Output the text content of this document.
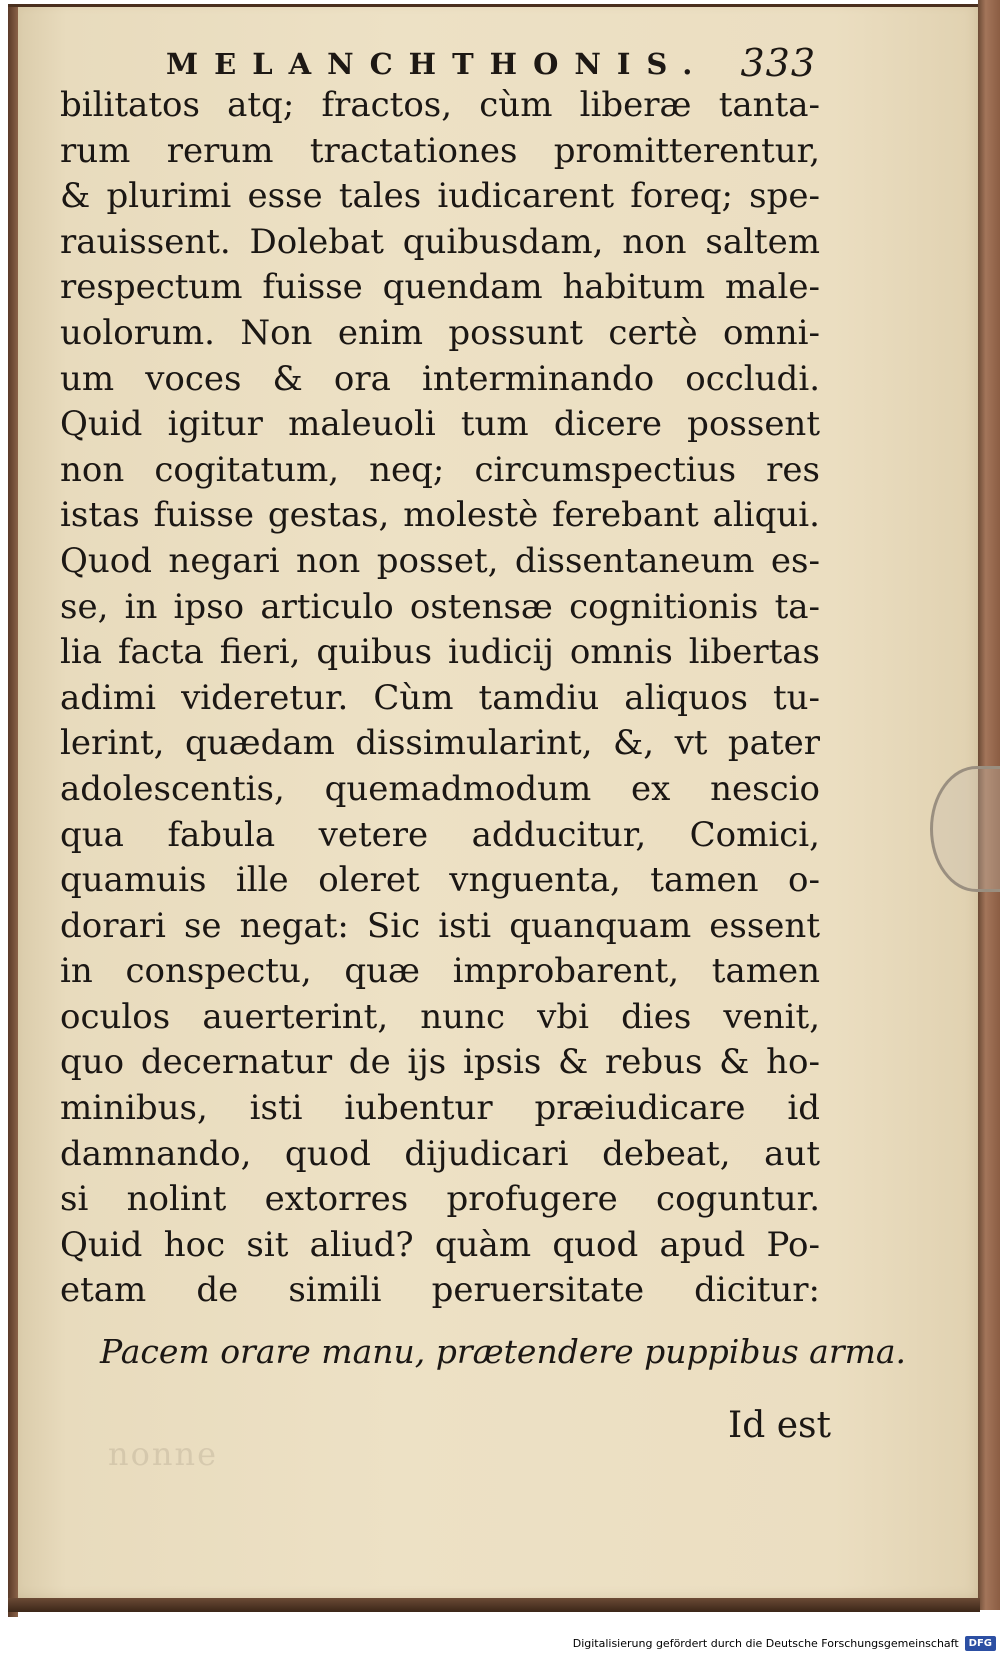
MELANCHTHONIS. 333
bilitatos atq; fractos, cùm liberæ tanta-
rum rerum tractationes promitterentur,
& plurimi esse tales iudicarent foreq; spe-
rauissent. Dolebat quibusdam, non saltem
respectum fuisse quendam habitum male-
uolorum. Non enim possunt certè omni-
um voces & ora interminando occludi.
Quid igitur maleuoli tum dicere possent
non cogitatum, neq; circumspectius res
istas fuisse gestas, molestè ferebant aliqui.
Quod negari non posset, dissentaneum es-
se, in ipso articulo ostensæ cognitionis ta-
lia facta fieri, quibus iudicij omnis libertas
adimi videretur. Cùm tamdiu aliquos tu-
lerint, quædam dissimularint, &, vt pater
adolescentis, quemadmodum ex nescio
qua fabula vetere adducitur, Comici,
quamuis ille oleret vnguenta, tamen o-
dorari se negat: Sic isti quanquam essent
in conspectu, quæ improbarent, tamen
oculos auerterint, nunc vbi dies venit,
quo decernatur de ijs ipsis & rebus & ho-
minibus, isti iubentur præiudicare id
damnando, quod dijudicari debeat, aut
si nolint extorres profugere coguntur.
Quid hoc sit aliud? quàm quod apud Po-
etam de simili peruersitate dicitur:
Pacem orare manu, prætendere puppibus arma.
Id est
nonne
Digitalisierung gefördert durch die Deutsche Forschungsgemeinschaft	DFG
